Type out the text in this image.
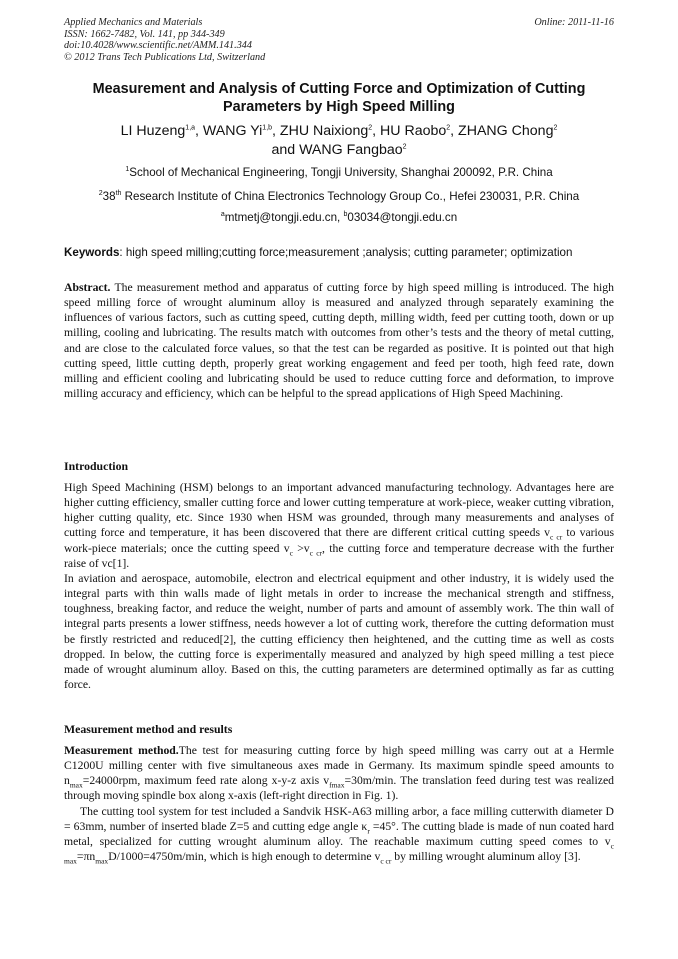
Applied Mechanics and Materials
ISSN: 1662-7482, Vol. 141, pp 344-349
doi:10.4028/www.scientific.net/AMM.141.344
© 2012 Trans Tech Publications Ltd, Switzerland
Online: 2011-11-16
Measurement and Analysis of Cutting Force and Optimization of Cutting Parameters by High Speed Milling
LI Huzeng$^{1,a}$, WANG Yi$^{1,b}$, ZHU Naixiong$^2$, HU Raobo$^2$, ZHANG Chong$^2$
and WANG Fangbao$^2$
$^1$School of Mechanical Engineering, Tongji University, Shanghai 200092, P.R. China
$^2$38th Research Institute of China Electronics Technology Group Co., Hefei 230031, P.R. China
$^a$mtmetj@tongji.edu.cn, $^b$03034@tongji.edu.cn
Keywords: high speed milling;cutting force;measurement ;analysis; cutting parameter; optimization

Abstract. The measurement method and apparatus of cutting force by high speed milling is introduced. The high speed milling force of wrought aluminum alloy is measured and analyzed through separately examining the influences of various factors, such as cutting speed, cutting depth, milling width, feed per cutting tooth, down or up milling, cooling and lubricating. The results match with outcomes from other’s tests and the theory of metal cutting, and are close to the calculated force values, so that the test can be regarded as positive. It is pointed out that high cutting speed, little cutting depth, properly great working engagement and feed per tooth, high feed rate, down milling and efficient cooling and lubricating should be used to reduce cutting force and deformation, to improve milling accuracy and efficiency, which can be helpful to the spread applications of High Speed Machining.

Introduction

High Speed Machining (HSM) belongs to an important advanced manufacturing technology. Advantages here are higher cutting efficiency, smaller cutting force and lower cutting temperature at work-piece, weaker cutting vibration, higher cutting quality, etc. Since 1930 when HSM was grounded, through many measurements and analyses of cutting force and temperature, it has been discovered that there are different critical cutting speeds $v_{c cr}$ to various work-piece materials; once the cutting speed $v_c >v_{c cr}$, the cutting force and temperature decrease with the further raise of vc[1].

In aviation and aerospace, automobile, electron and electrical equipment and other industry, it is widely used the integral parts with thin walls made of light metals in order to increase the mechanical strength and stiffness, toughness, breaking factor, and reduce the weight, number of parts and amount of assembly work. The thin wall of integral parts presents a lower stiffness, needs however a lot of cutting work, therefore the cutting deformation must be firstly restricted and reduced[2], the cutting efficiency then heightened, and the cutting time as well as costs dropped. In below, the cutting force is experimentally measured and analyzed by high speed milling a test piece made of wrought aluminum alloy. Based on this, the cutting parameters are determined optimally as far as cutting force.

Measurement method and results

Measurement method.The test for measuring cutting force by high speed milling was carry out at a Hermle C1200U milling center with five simultaneous axes made in Germany. Its maximum spindle speed amounts to $n_{max}=24000rpm$, maximum feed rate along x-y-z axis $v_{fmax}=30m/\min$. The translation feed during test was realized through moving spindle box along x-axis (left-right direction in Fig. 1).

The cutting tool system for test included a Sandvik HSK-A63 milling arbor, a face milling cutterwith diameter D = 63mm, number of inserted blade Z=5 and cutting edge angle $\kappa_r =45^\circ$. The cutting blade is made of nun coated hard metal, specialized for cutting wrought aluminum alloy. The reachable maximum cutting speed comes to $v_{c max}=\pi n_{max}D/1000=4750m/\min$, which is high enough to determine $v_{c cr}$ by milling wrought aluminum alloy [3].
